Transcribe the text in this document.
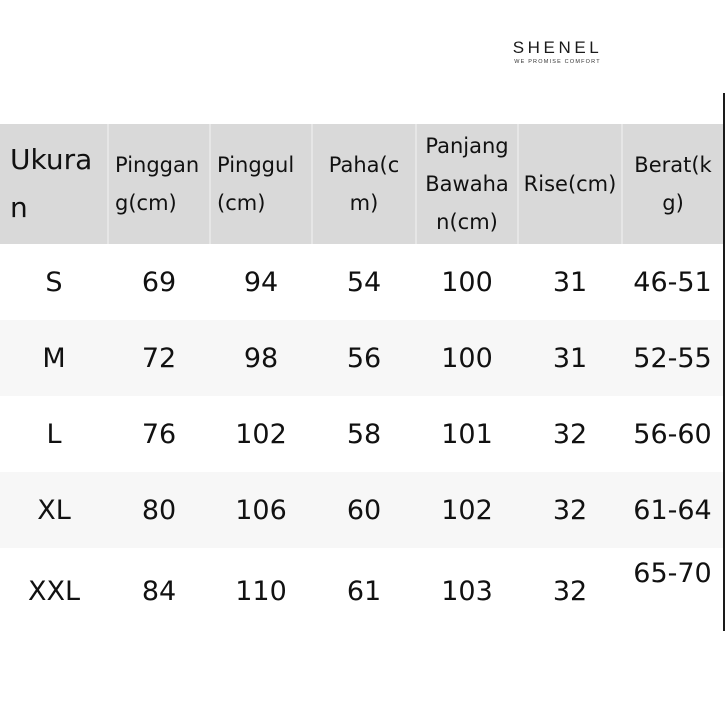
SHENEL
WE PROMISE COMFORT
Ukuran	Pinggang(cm)	Pinggul(cm)	Paha(cm)	Panjang Bawahan(cm)	Rise(cm)	Berat(kg)
S	69	94	54	100	31	46-51
M	72	98	56	100	31	52-55
L	76	102	58	101	32	56-60
XL	80	106	60	102	32	61-64
XXL	84	110	61	103	32	65-70
